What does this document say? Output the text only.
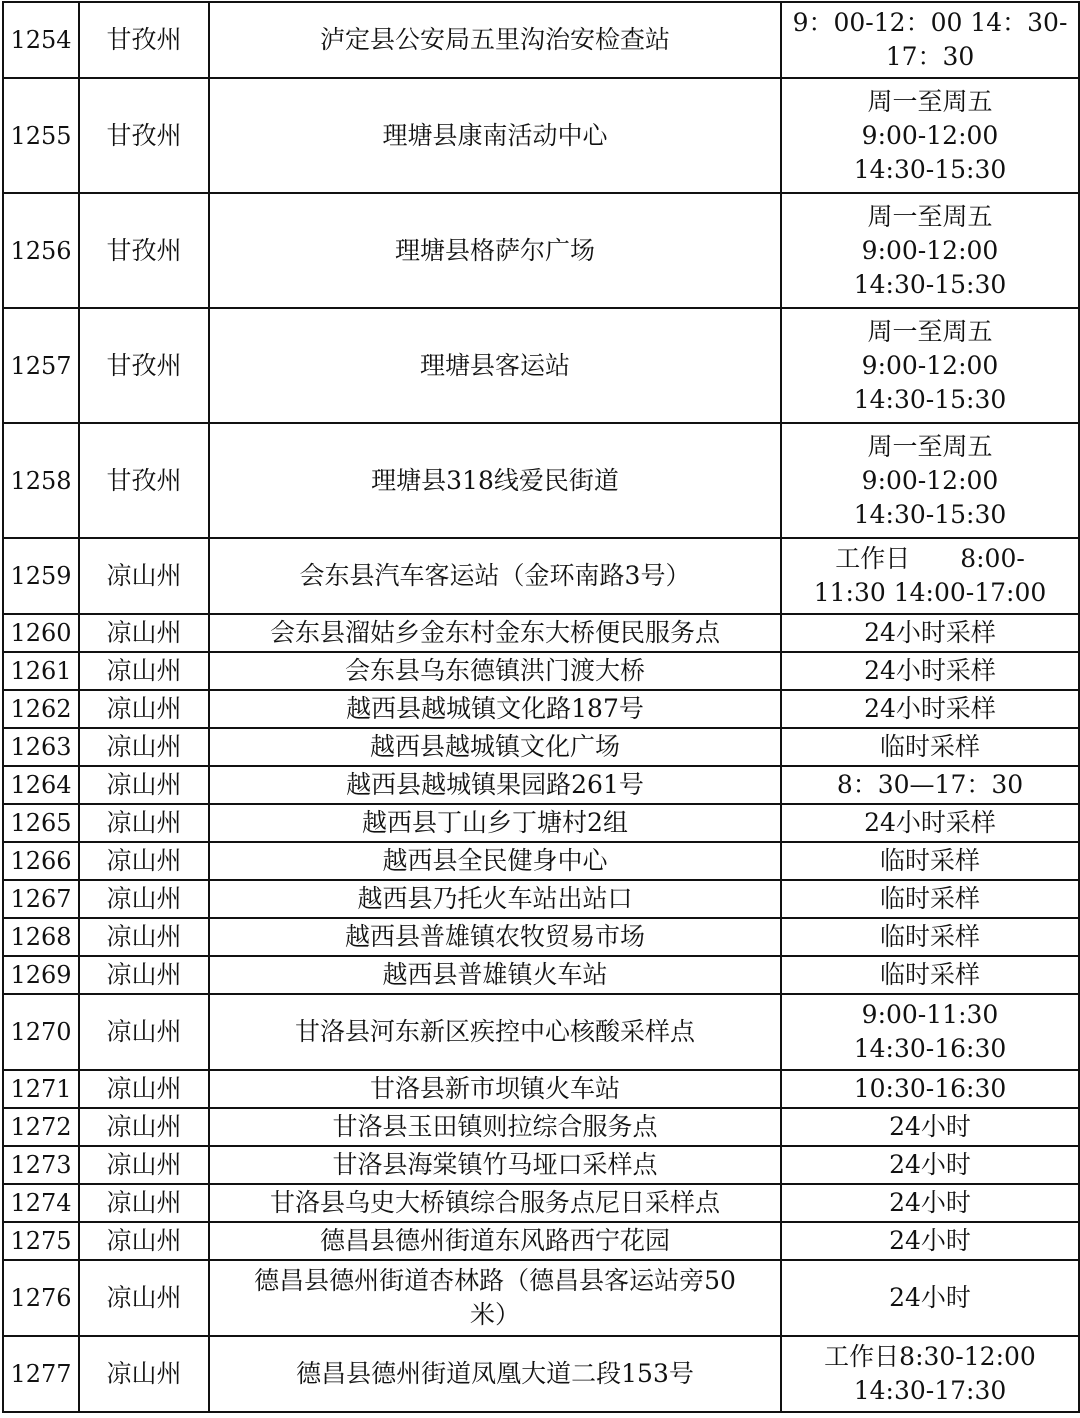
1254	甘孜州	泸定县公安局五里沟治安检查站	9：00-12：00 14：30-
17：30

1255	甘孜州	理塘县康南活动中心	周一至周五
9:00-12:00
14:30-15:30

1256	甘孜州	理塘县格萨尔广场	周一至周五
9:00-12:00
14:30-15:30

1257	甘孜州	理塘县客运站	周一至周五
9:00-12:00
14:30-15:30

1258	甘孜州	理塘县318线爱民街道	周一至周五
9:00-12:00
14:30-15:30

1259	凉山州	会东县汽车客运站（金环南路3号）	工作日　　8:00-
11:30 14:00-17:00

1260	凉山州	会东县溜姑乡金东村金东大桥便民服务点	24小时采样

1261	凉山州	会东县乌东德镇洪门渡大桥	24小时采样

1262	凉山州	越西县越城镇文化路187号	24小时采样

1263	凉山州	越西县越城镇文化广场	临时采样

1264	凉山州	越西县越城镇果园路261号	8：30—17：30

1265	凉山州	越西县丁山乡丁塘村2组	24小时采样

1266	凉山州	越西县全民健身中心	临时采样

1267	凉山州	越西县乃托火车站出站口	临时采样

1268	凉山州	越西县普雄镇农牧贸易市场	临时采样

1269	凉山州	越西县普雄镇火车站	临时采样

1270	凉山州	甘洛县河东新区疾控中心核酸采样点	9:00-11:30
14:30-16:30

1271	凉山州	甘洛县新市坝镇火车站	10:30-16:30

1272	凉山州	甘洛县玉田镇则拉综合服务点	24小时

1273	凉山州	甘洛县海棠镇竹马垭口采样点	24小时

1274	凉山州	甘洛县乌史大桥镇综合服务点尼日采样点	24小时

1275	凉山州	德昌县德州街道东风路西宁花园	24小时

1276	凉山州	德昌县德州街道杏林路（德昌县客运站旁50
米）	24小时

1277	凉山州	德昌县德州街道凤凰大道二段153号	工作日8:30-12:00
14:30-17:30
